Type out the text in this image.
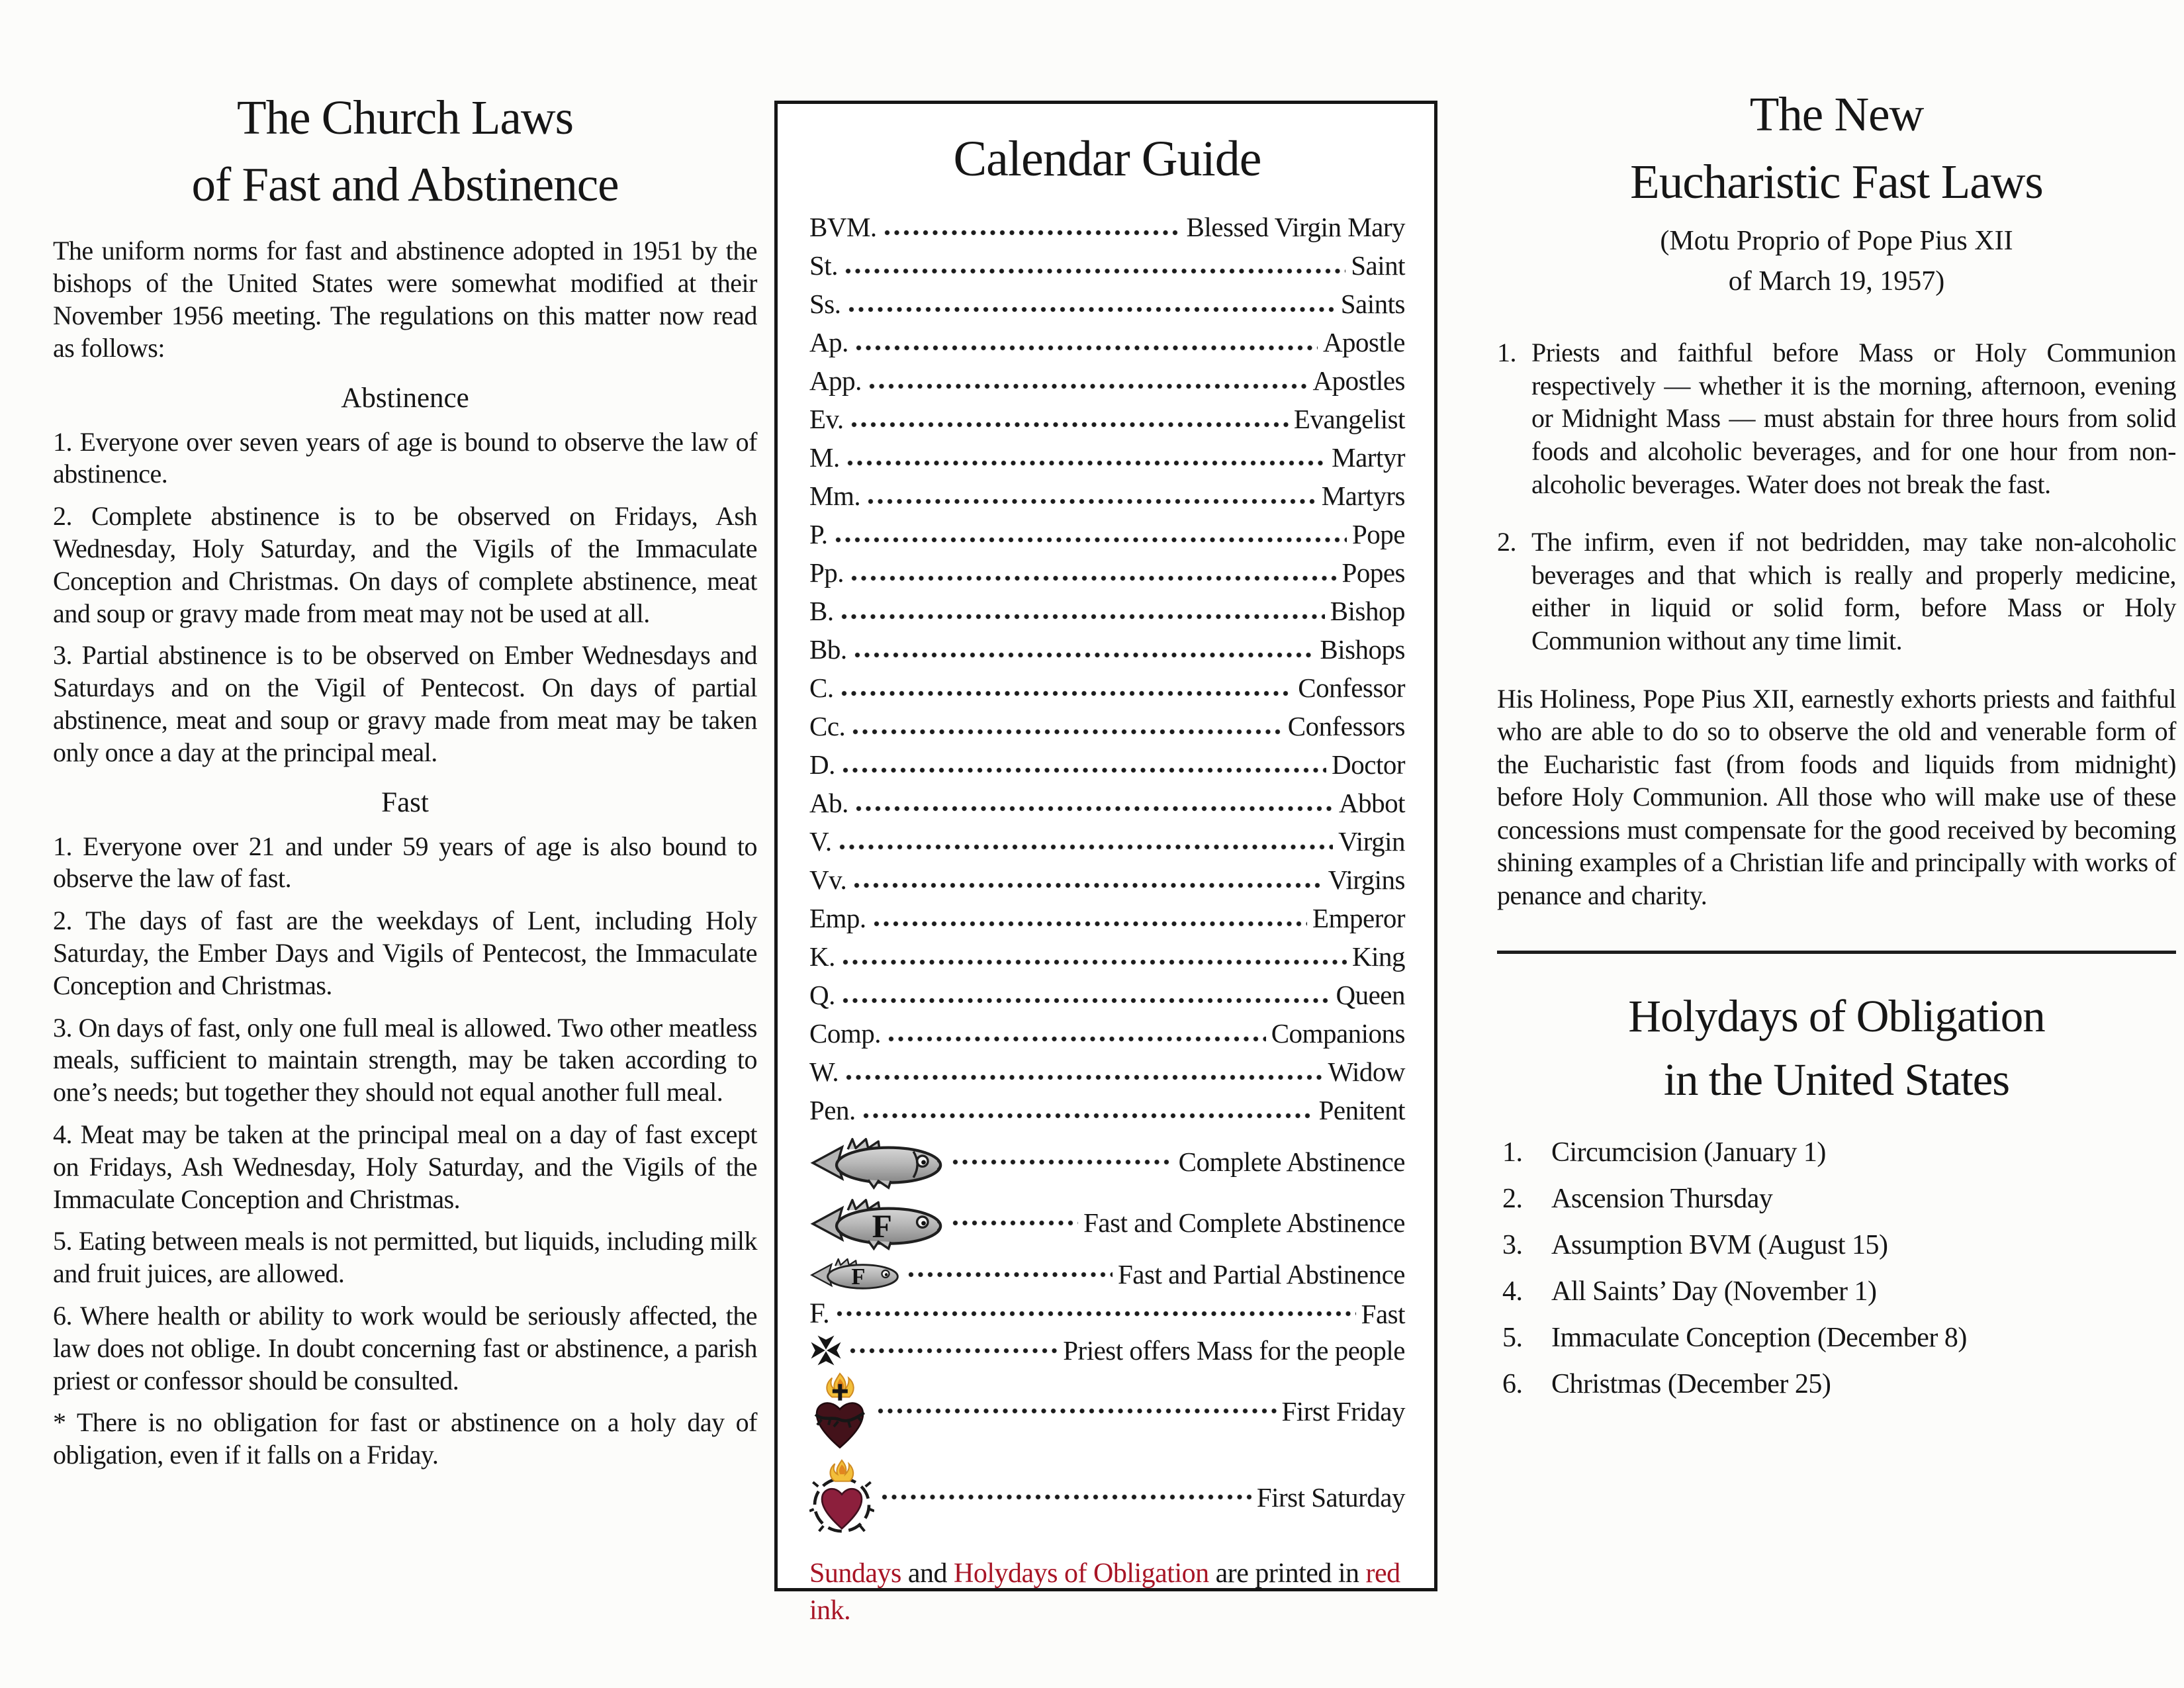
The Church Laws
of Fast and Abstinence

The uniform norms for fast and abstinence adopted in 1951 by the bishops of the United States were somewhat modified at their November 1956 meeting. The regulations on this matter now read as follows:

Abstinence

1. Everyone over seven years of age is bound to observe the law of abstinence.

2. Complete abstinence is to be observed on Fridays, Ash Wednesday, Holy Saturday, and the Vigils of the Immaculate Conception and Christmas. On days of complete abstinence, meat and soup or gravy made from meat may not be used at all.

3. Partial abstinence is to be observed on Ember Wednesdays and Saturdays and on the Vigil of Pentecost. On days of partial abstinence, meat and soup or gravy made from meat may be taken only once a day at the principal meal.

Fast

1. Everyone over 21 and under 59 years of age is also bound to observe the law of fast.

2. The days of fast are the weekdays of Lent, including Holy Saturday, the Ember Days and Vigils of Pentecost, the Immaculate Conception and Christmas.

3. On days of fast, only one full meal is allowed. Two other meatless meals, sufficient to maintain strength, may be taken according to one’s needs; but together they should not equal another full meal.

4. Meat may be taken at the principal meal on a day of fast except on Fridays, Ash Wednesday, Holy Saturday, and the Vigils of the Immaculate Conception and Christmas.

5. Eating between meals is not permitted, but liquids, including milk and fruit juices, are allowed.

6. Where health or ability to work would be seriously affected, the law does not oblige. In doubt concerning fast or abstinence, a parish priest or confessor should be consulted.

* There is no obligation for fast or abstinence on a holy day of obligation, even if it falls on a Friday.

Calendar Guide
BVM.	Blessed Virgin Mary
St.	Saint
Ss.	Saints
Ap.	Apostle
App.	Apostles
Ev.	Evangelist
M.	Martyr
Mm.	Martyrs
P.	Pope
Pp.	Popes
B.	Bishop
Bb.	Bishops
C.	Confessor
Cc.	Confessors
D.	Doctor
Ab.	Abbot
V.	Virgin
Vv.	Virgins
Emp.	Emperor
K.	King
Q.	Queen
Comp.	Companions
W.	Widow
Pen.	Penitent
Complete Abstinence
F	Fast and Complete Abstinence
F	Fast and Partial Abstinence
F.	Fast
Priest offers Mass for the people
First Friday
First Saturday
Sundays and Holydays of Obligation are printed in red ink.
The New
Eucharistic Fast Laws
(Motu Proprio of Pope Pius XII
of March 19, 1957)

1. Priests and faithful before Mass or Holy Communion respectively — whether it is the morning, afternoon, evening or Midnight Mass — must abstain for three hours from solid foods and alcoholic beverages, and for one hour from non-alcoholic beverages. Water does not break the fast.

2. The infirm, even if not bedridden, may take non-alcoholic beverages and that which is really and properly medicine, either in liquid or solid form, before Mass or Holy Communion without any time limit.

His Holiness, Pope Pius XII, earnestly exhorts priests and faithful who are able to do so to observe the old and venerable form of the Eucharistic fast (from foods and liquids from midnight) before Holy Communion. All those who will make use of these concessions must compensate for the good received by becoming shining examples of a Christian life and principally with works of penance and charity.

Holydays of Obligation
in the United States
1.	Circumcision (January 1)
2.	Ascension Thursday
3.	Assumption BVM (August 15)
4.	All Saints’ Day (November 1)
5.	Immaculate Conception (December 8)
6.	Christmas (December 25)
